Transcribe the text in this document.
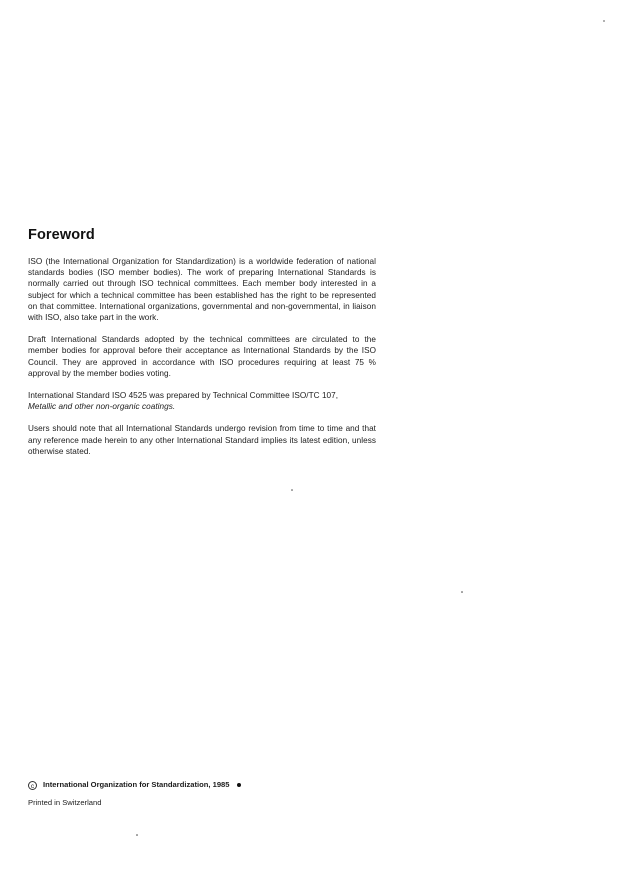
Foreword

ISO (the International Organization for Standardization) is a worldwide federation of national standards bodies (ISO member bodies). The work of preparing International Standards is normally carried out through ISO technical committees. Each member body interested in a subject for which a technical committee has been established has the right to be represented on that committee. International organizations, governmental and non-governmental, in liaison with ISO, also take part in the work.

Draft International Standards adopted by the technical committees are circulated to the member bodies for approval before their acceptance as International Standards by the ISO Council. They are approved in accordance with ISO procedures requiring at least 75 % approval by the member bodies voting.

International Standard ISO 4525 was prepared by Technical Committee ISO/TC 107,
Metallic and other non-organic coatings.

Users should note that all International Standards undergo revision from time to time and that any reference made herein to any other International Standard implies its latest edition, unless otherwise stated.

c	International Organization for Standardization, 1985
Printed in Switzerland
